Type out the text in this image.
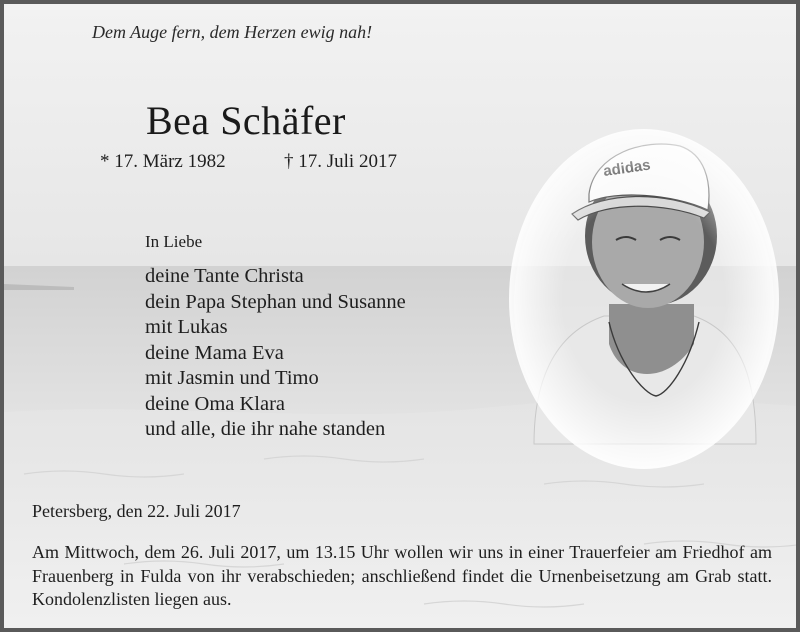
Dem Auge fern, dem Herzen ewig nah!
Bea Schäfer
* 17. März 1982	† 17. Juli 2017
In Liebe
deine Tante Christa
dein Papa Stephan und Susanne
mit Lukas
deine Mama Eva
mit Jasmin und Timo
deine Oma Klara
und alle, die ihr nahe standen
Petersberg, den 22. Juli 2017

Am Mittwoch, dem 26. Juli 2017, um 13.15 Uhr wollen wir uns in einer Trauerfeier am Friedhof am Frauenberg in Fulda von ihr verabschieden; anschließend findet die Urnenbeisetzung am Grab statt. Kondolenzlisten liegen aus.
